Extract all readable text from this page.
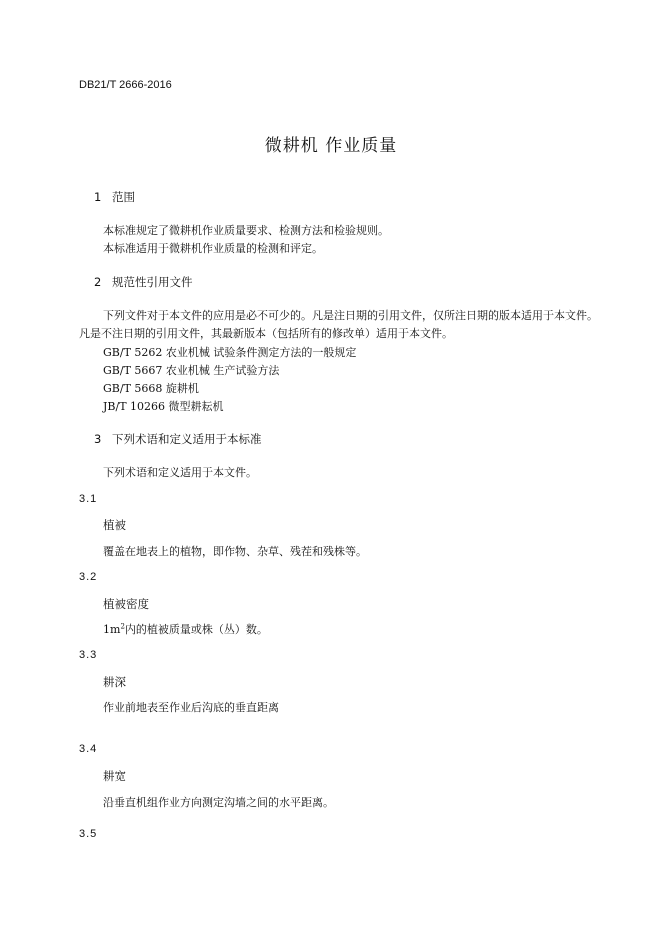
DB21/T 2666-2016
微耕机 作业质量
1 范围
本标准规定了微耕机作业质量要求、检测方法和检验规则。
本标准适用于微耕机作业质量的检测和评定。
2 规范性引用文件
下列文件对于本文件的应用是必不可少的。凡是注日期的引用文件，仅所注日期的版本适用于本文件。凡是不注日期的引用文件，其最新版本（包括所有的修改单）适用于本文件。
GB/T 5262 农业机械 试验条件测定方法的一般规定
GB/T 5667 农业机械 生产试验方法
GB/T 5668 旋耕机
JB/T 10266 微型耕耘机
3 下列术语和定义适用于本标准
下列术语和定义适用于本文件。
3.1
植被
覆盖在地表上的植物，即作物、杂草、残茬和残株等。
3.2
植被密度
$1m^2$内的植被质量或株（丛）数。
3.3
耕深
作业前地表至作业后沟底的垂直距离
3.4
耕宽
沿垂直机组作业方向测定沟墙之间的水平距离。
3.5
